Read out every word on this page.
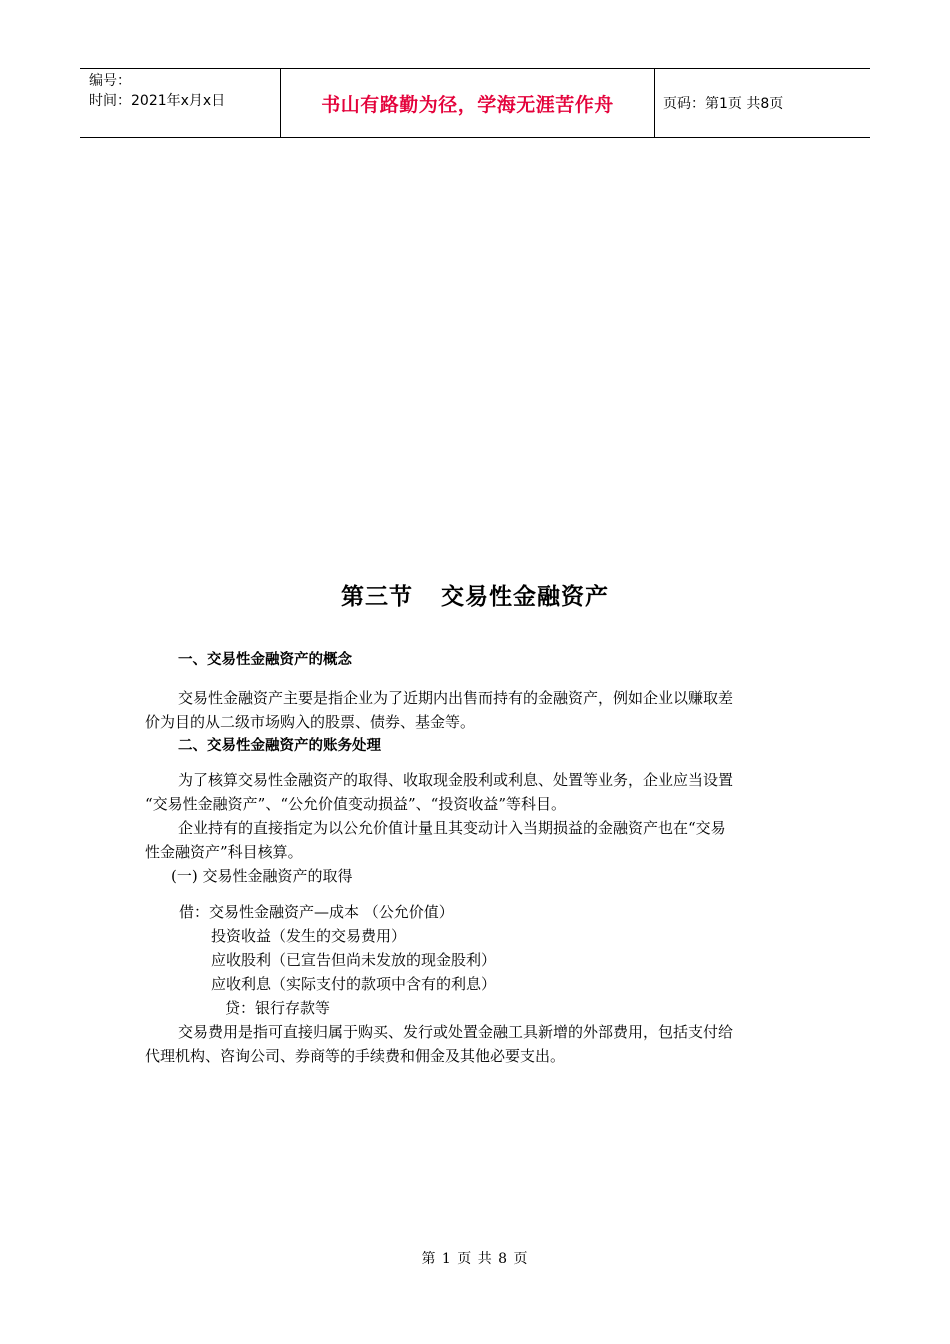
编号：
时间：2021年x月x日	书山有路勤为径，学海无涯苦作舟	页码：第1页 共8页
第三节 交易性金融资产
一、交易性金融资产的概念
交易性金融资产主要是指企业为了近期内出售而持有的金融资产，例如企业以赚取差
价为目的从二级市场购入的股票、债券、基金等。
二、交易性金融资产的账务处理
为了核算交易性金融资产的取得、收取现金股利或利息、处置等业务，企业应当设置
“交易性金融资产”、“公允价值变动损益”、“投资收益”等科目。
企业持有的直接指定为以公允价值计量且其变动计入当期损益的金融资产也在“交易
性金融资产”科目核算。
(一) 交易性金融资产的取得
借：交易性金融资产—成本 （公允价值）
投资收益（发生的交易费用）
应收股利（已宣告但尚未发放的现金股利）
应收利息（实际支付的款项中含有的利息）
贷：银行存款等
交易费用是指可直接归属于购买、发行或处置金融工具新增的外部费用，包括支付给
代理机构、咨询公司、券商等的手续费和佣金及其他必要支出。
第 1 页 共 8 页
